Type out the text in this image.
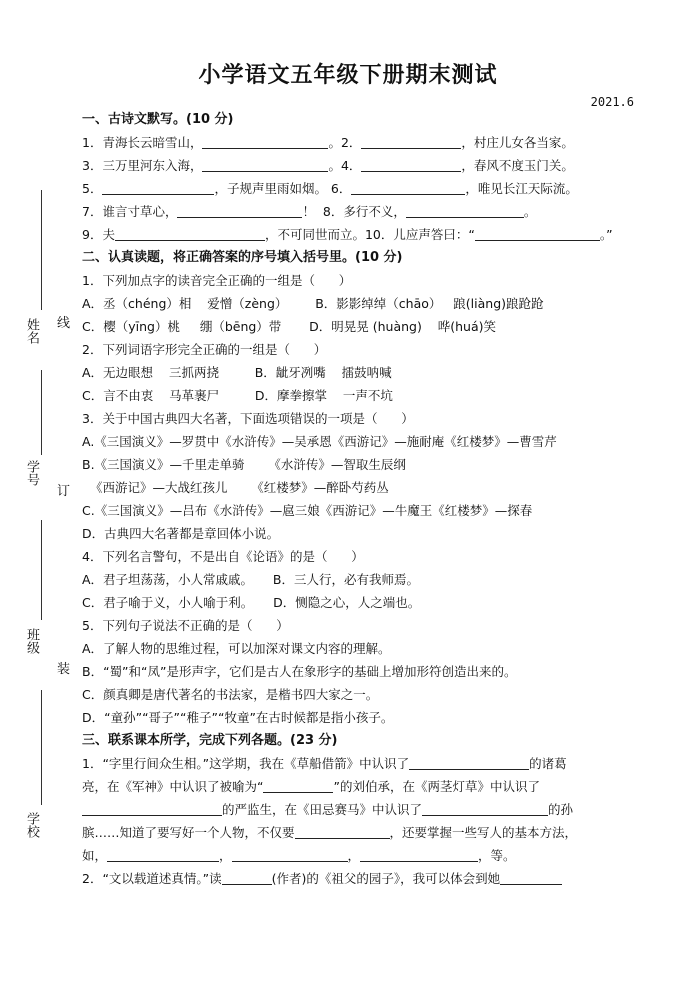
姓名
学号
班级
学校
线
订
装
小学语文五年级下册期末测试
2021.6
一、古诗文默写。(10 分)
1．青海长云暗雪山，	。2．	，村庄儿女各当家。
3．三万里河东入海，	。4．	，春风不度玉门关。
5．	，子规声里雨如烟。 6．	，唯见长江天际流。
7．谁言寸草心，	！  8．多行不义，	。
9．夫	，不可同世而立。10．儿应声答曰：“	。”
二、认真读题，将正确答案的序号填入括号里。(10 分)
1．下列加点字的读音完全正确的一组是（      ）
A．丞（chéng）相    爱憎（zèng）       B．影影绰绰（chāo）   踉(liàng)踉跄跄
C．樱（yīng）桃     绷（bēng）带       D．明晃晃 (huàng)    哗(huá)笑
2．下列词语字形完全正确的一组是（      ）
A．无边眼想    三抓两挠         B．龇牙冽嘴    擂鼓呐喊
C．言不由衷    马革裹尸         D．摩拳擦掌    一声不坑
3．关于中国古典四大名著，下面选项错误的一项是（      ）
A.《三国演义》—罗贯中《水浒传》—吴承恩《西游记》—施耐庵《红楼梦》—曹雪芹
B.《三国演义》—千里走单骑      《水浒传》—智取生辰纲
《西游记》—大战红孩儿      《红楼梦》—醉卧芍药丛
C.《三国演义》—吕布《水浒传》—扈三娘《西游记》—牛魔王《红楼梦》—探春
D．古典四大名著都是章回体小说。
4．下列名言警句，不是出自《论语》的是（      ）
A．君子坦荡荡，小人常戚戚。     B．三人行，必有我师焉。
C．君子喻于义，小人喻于利。     D．恻隐之心，人之端也。
5．下列句子说法不正确的是（      ）
A．了解人物的思维过程，可以加深对课文内容的理解。
B．“蜀”和“凤”是形声字，它们是古人在象形字的基础上增加形符创造出来的。
C．颜真卿是唐代著名的书法家，是楷书四大家之一。
D．“童孙”“哥子”“稚子”“牧童”在古时候都是指小孩子。
三、联系课本所学，完成下列各题。(23 分)
1．“字里行间众生相。”这学期，我在《草船借箭》中认识了	的诸葛
亮，在《军神》中认识了被喻为“	”的刘伯承，在《两茎灯草》中认识了
的严监生，在《田忌赛马》中认识了	的孙
膑……知道了要写好一个人物，不仅要	，还要掌握一些写人的基本方法，
如，	，	，	，等。
2．“文以载道述真情。”读	(作者)的《祖父的园子》，我可以体会到她
